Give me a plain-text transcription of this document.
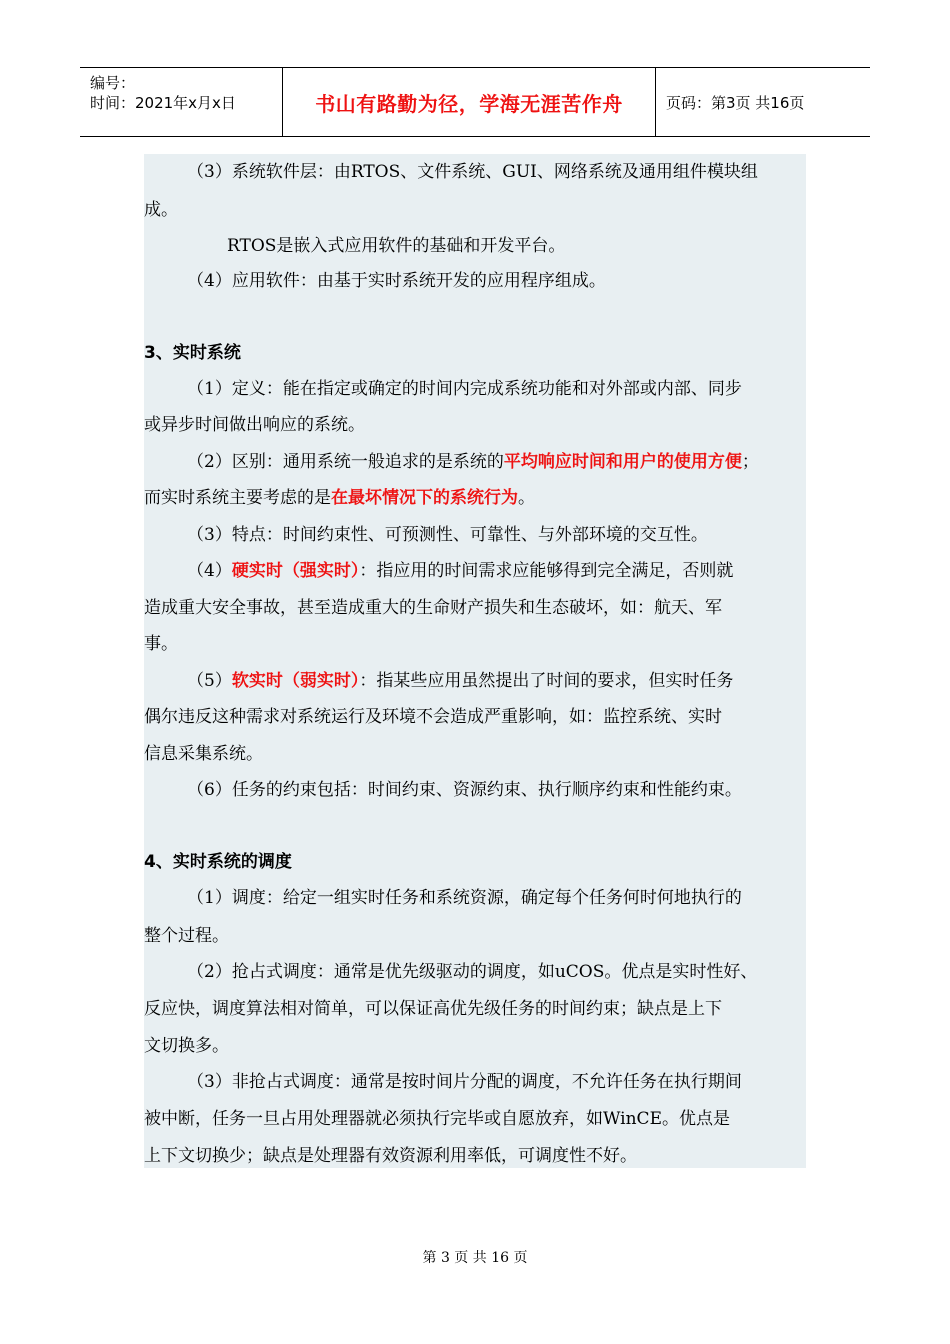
编号：
时间：2021年x月x日	书山有路勤为径，学海无涯苦作舟	页码：第3页 共16页
（3）系统软件层：由RTOS、文件系统、GUI、网络系统及通用组件模块组
成。
RTOS是嵌入式应用软件的基础和开发平台。
（4）应用软件：由基于实时系统开发的应用程序组成。
3、实时系统
（1）定义：能在指定或确定的时间内完成系统功能和对外部或内部、同步
或异步时间做出响应的系统。
（2）区别：通用系统一般追求的是系统的平均响应时间和用户的使用方便；
而实时系统主要考虑的是在最坏情况下的系统行为。
（3）特点：时间约束性、可预测性、可靠性、与外部环境的交互性。
（4）硬实时（强实时）：指应用的时间需求应能够得到完全满足，否则就
造成重大安全事故，甚至造成重大的生命财产损失和生态破坏，如：航天、军
事。
（5）软实时（弱实时）：指某些应用虽然提出了时间的要求，但实时任务
偶尔违反这种需求对系统运行及环境不会造成严重影响，如：监控系统、实时
信息采集系统。
（6）任务的约束包括：时间约束、资源约束、执行顺序约束和性能约束。
4、实时系统的调度
（1）调度：给定一组实时任务和系统资源，确定每个任务何时何地执行的
整个过程。
（2）抢占式调度：通常是优先级驱动的调度，如uCOS。优点是实时性好、
反应快，调度算法相对简单，可以保证高优先级任务的时间约束；缺点是上下
文切换多。
（3）非抢占式调度：通常是按时间片分配的调度，不允许任务在执行期间
被中断，任务一旦占用处理器就必须执行完毕或自愿放弃，如WinCE。优点是
上下文切换少；缺点是处理器有效资源利用率低，可调度性不好。
第 3 页 共 16 页
